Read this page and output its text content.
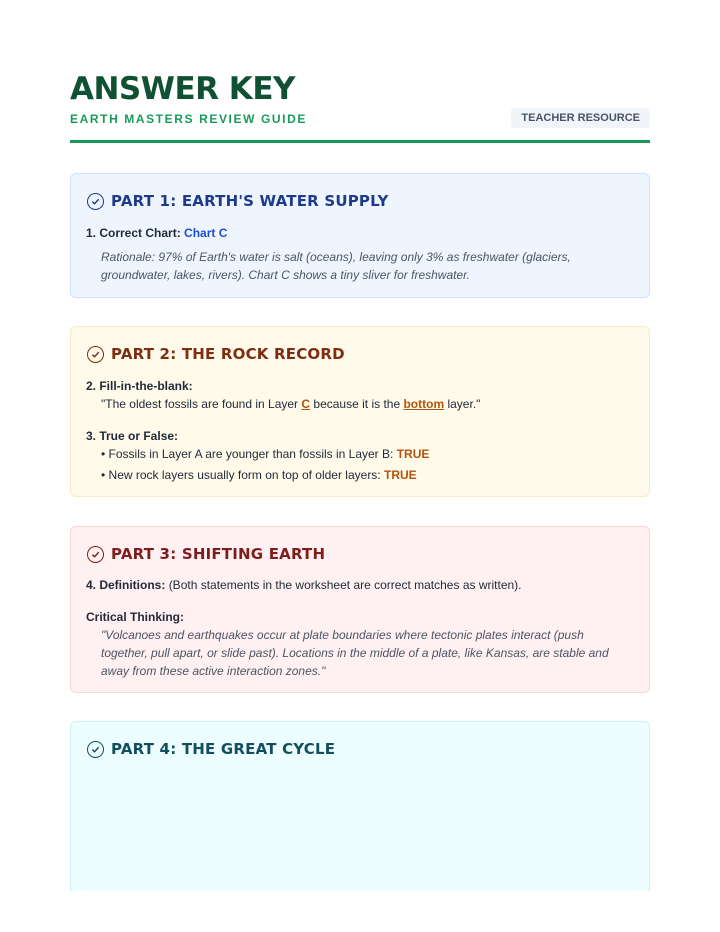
ANSWER KEY
EARTH MASTERS REVIEW GUIDE	TEACHER RESOURCE
PART 1: EARTH'S WATER SUPPLY
1. Correct Chart: Chart C
Rationale: 97% of Earth's water is salt (oceans), leaving only 3% as freshwater (glaciers,
groundwater, lakes, rivers). Chart C shows a tiny sliver for freshwater.
PART 2: THE ROCK RECORD
2. Fill-in-the-blank:
"The oldest fossils are found in Layer C because it is the bottom layer."
3. True or False:
• Fossils in Layer A are younger than fossils in Layer B: TRUE
• New rock layers usually form on top of older layers: TRUE
PART 3: SHIFTING EARTH
4. Definitions: (Both statements in the worksheet are correct matches as written).
Critical Thinking:
"Volcanoes and earthquakes occur at plate boundaries where tectonic plates interact (push
together, pull apart, or slide past). Locations in the middle of a plate, like Kansas, are stable and
away from these active interaction zones."
PART 4: THE GREAT CYCLE
